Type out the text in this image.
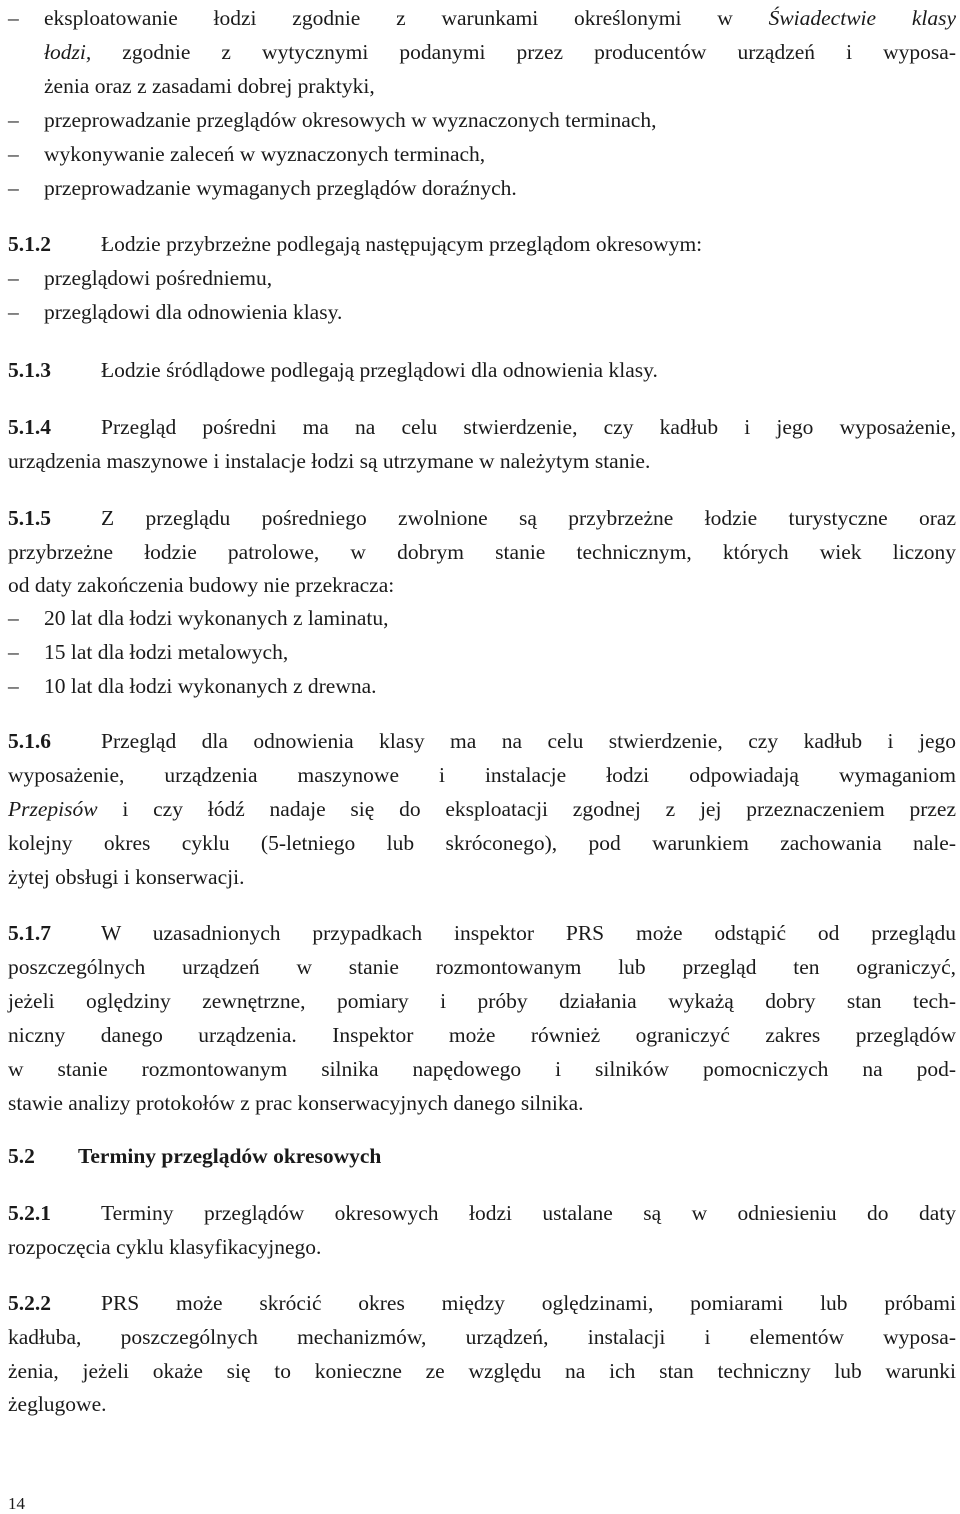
– eksploatowanie łodzi zgodnie z warunkami określonymi w Świadectwie klasy
łodzi, zgodnie z wytycznymi podanymi przez producentów urządzeń i wyposa-
żenia oraz z zasadami dobrej praktyki,
– przeprowadzanie przeglądów okresowych w wyznaczonych terminach,
– wykonywanie zaleceń w wyznaczonych terminach,
– przeprowadzanie wymaganych przeglądów doraźnych.
5.1.2 Łodzie przybrzeżne podlegają następującym przeglądom okresowym:
– przeglądowi pośredniemu,
– przeglądowi dla odnowienia klasy.
5.1.3 Łodzie śródlądowe podlegają przeglądowi dla odnowienia klasy.
5.1.4 Przegląd pośredni ma na celu stwierdzenie, czy kadłub i jego wyposażenie,
urządzenia maszynowe i instalacje łodzi są utrzymane w należytym stanie.
5.1.5 Z przeglądu pośredniego zwolnione są przybrzeżne łodzie turystyczne oraz
przybrzeżne łodzie patrolowe, w dobrym stanie technicznym, których wiek liczony
od daty zakończenia budowy nie przekracza:
– 20 lat dla łodzi wykonanych z laminatu,
– 15 lat dla łodzi metalowych,
– 10 lat dla łodzi wykonanych z drewna.
5.1.6 Przegląd dla odnowienia klasy ma na celu stwierdzenie, czy kadłub i jego
wyposażenie, urządzenia maszynowe i instalacje łodzi odpowiadają wymaganiom
Przepisów i czy łódź nadaje się do eksploatacji zgodnej z jej przeznaczeniem przez
kolejny okres cyklu (5-letniego lub skróconego), pod warunkiem zachowania nale-
żytej obsługi i konserwacji.
5.1.7 W uzasadnionych przypadkach inspektor PRS może odstąpić od przeglądu
poszczególnych urządzeń w stanie rozmontowanym lub przegląd ten ograniczyć,
jeżeli oględziny zewnętrzne, pomiary i próby działania wykażą dobry stan tech-
niczny danego urządzenia. Inspektor może również ograniczyć zakres przeglądów
w stanie rozmontowanym silnika napędowego i silników pomocniczych na pod-
stawie analizy protokołów z prac konserwacyjnych danego silnika.
5.2 Terminy przeglądów okresowych
5.2.1 Terminy przeglądów okresowych łodzi ustalane są w odniesieniu do daty
rozpoczęcia cyklu klasyfikacyjnego.
5.2.2 PRS może skrócić okres między oględzinami, pomiarami lub próbami
kadłuba, poszczególnych mechanizmów, urządzeń, instalacji i elementów wyposa-
żenia, jeżeli okaże się to konieczne ze względu na ich stan techniczny lub warunki
żeglugowe.
14
